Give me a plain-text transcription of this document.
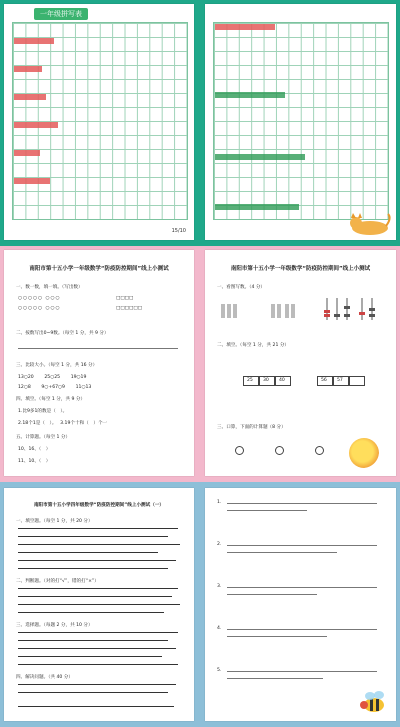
一年级拼写表
15/10
南阳市第十五小学一年级数学“防疫防控期间”线上小测试
一、数一数，填一填。（写出数）
○○○○○ ○○○	□□□□
○○○○○ ○○○	□□□□□□
二、按数写出0~9数。（每空 1 分，共 9 分）
三、比较大小。（每空 1 分，共 16 分）
13○20　　 25○25　　 19○19
12○8　　 9○+67○9　　 11○13
四、填空。（每空 1 分，共 9 分）
1.比9多1的数是（　）。
2.18个1是（　）。　 3.19个十和（　）个一
五、计算题。（每空 1 分）
10、16、（　）
11、10、（　）
南阳市第十五小学一年级数学“防疫防控期间”线上小测试
一、看图写数。（4 分）
二、填空。（每空 1 分，共 21 分）
25 30 40	56 57
三、口算，下面的计算题（8 分）
南阳市第十五小学四年级数学“防疫防控期间”线上小测试（一）
一、填空题。（每空 1 分，共 20 分）
二、判断题。（对的打“√”，错的打“×”）
三、选择题。（每题 2 分，共 10 分）
四、解决问题。（共 40 分）
1.
2.
3.
4.
5.
